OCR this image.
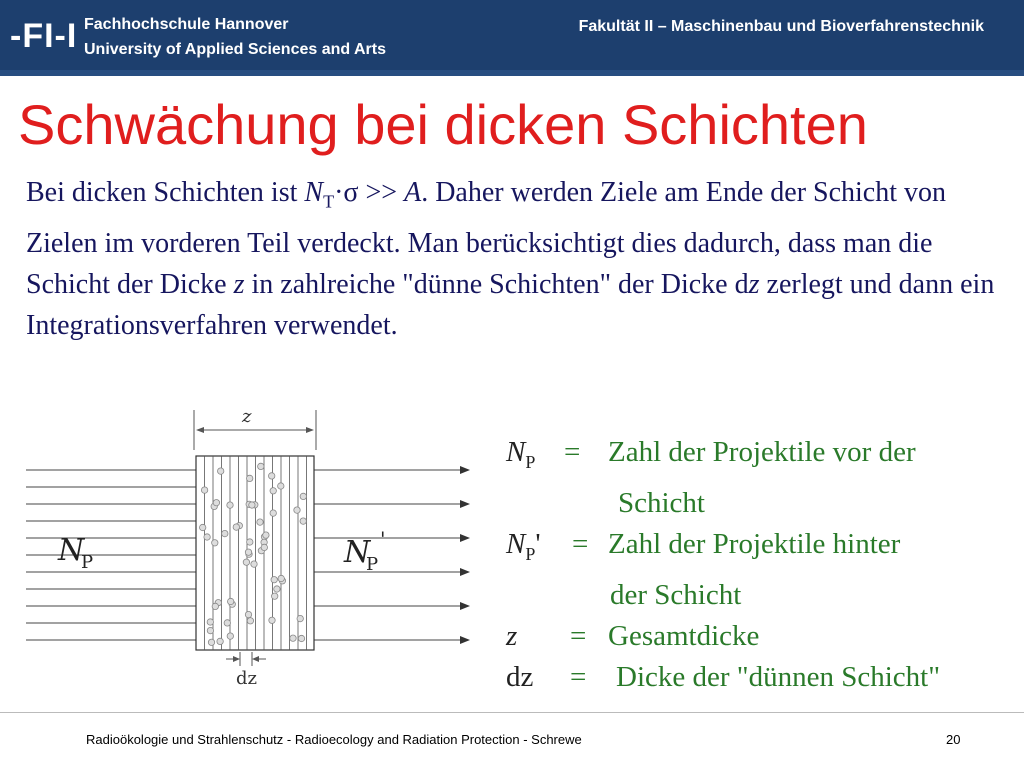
-FI-I Fachhochschule Hannover
University of Applied Sciences and Arts
Fakultät II – Maschinenbau und Bioverfahrenstechnik
Schwächung bei dicken Schichten
Bei dicken Schichten ist $N_T\cdot\sigma >> A$. Daher werden Ziele am Ende der Schicht von Zielen im vorderen Teil verdeckt. Man berücksichtigt dies dadurch, dass man die Schicht der Dicke z in zahlreiche "dünne Schichten" der Dicke dz zerlegt und dann ein Integrationsverfahren verwendet.
z
dz
N
P	N
P
'
$N_P$ = Zahl der Projektile vor der
Schicht
$N_P'$ = Zahl der Projektile hinter
der Schicht
z = Gesamtdicke
dz = Dicke der "dünnen Schicht"
Radioökologie und Strahlenschutz - Radioecology and Radiation Protection - Schrewe	20
